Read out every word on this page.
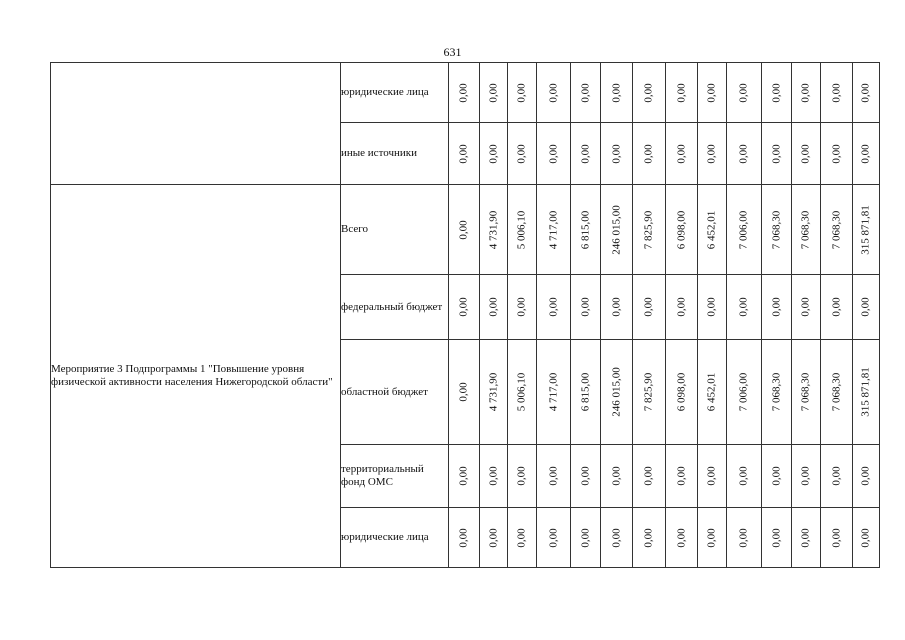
631
	юридические лица	0,00	0,00	0,00	0,00	0,00	0,00	0,00	0,00	0,00	0,00	0,00	0,00	0,00	0,00

	иные источники	0,00	0,00	0,00	0,00	0,00	0,00	0,00	0,00	0,00	0,00	0,00	0,00	0,00	0,00

Мероприятие 3 Подпрограммы 1 "Повышение уровня физической активности населения Нижегородской области"	Всего	0,00	4 731,90	5 006,10	4 717,00	6 815,00	246 015,00	7 825,90	6 098,00	6 452,01	7 006,00	7 068,30	7 068,30	7 068,30	315 871,81

	федеральный бюджет	0,00	0,00	0,00	0,00	0,00	0,00	0,00	0,00	0,00	0,00	0,00	0,00	0,00	0,00

	областной бюджет	0,00	4 731,90	5 006,10	4 717,00	6 815,00	246 015,00	7 825,90	6 098,00	6 452,01	7 006,00	7 068,30	7 068,30	7 068,30	315 871,81

	территориальный фонд ОМС	0,00	0,00	0,00	0,00	0,00	0,00	0,00	0,00	0,00	0,00	0,00	0,00	0,00	0,00

	юридические лица	0,00	0,00	0,00	0,00	0,00	0,00	0,00	0,00	0,00	0,00	0,00	0,00	0,00	0,00
